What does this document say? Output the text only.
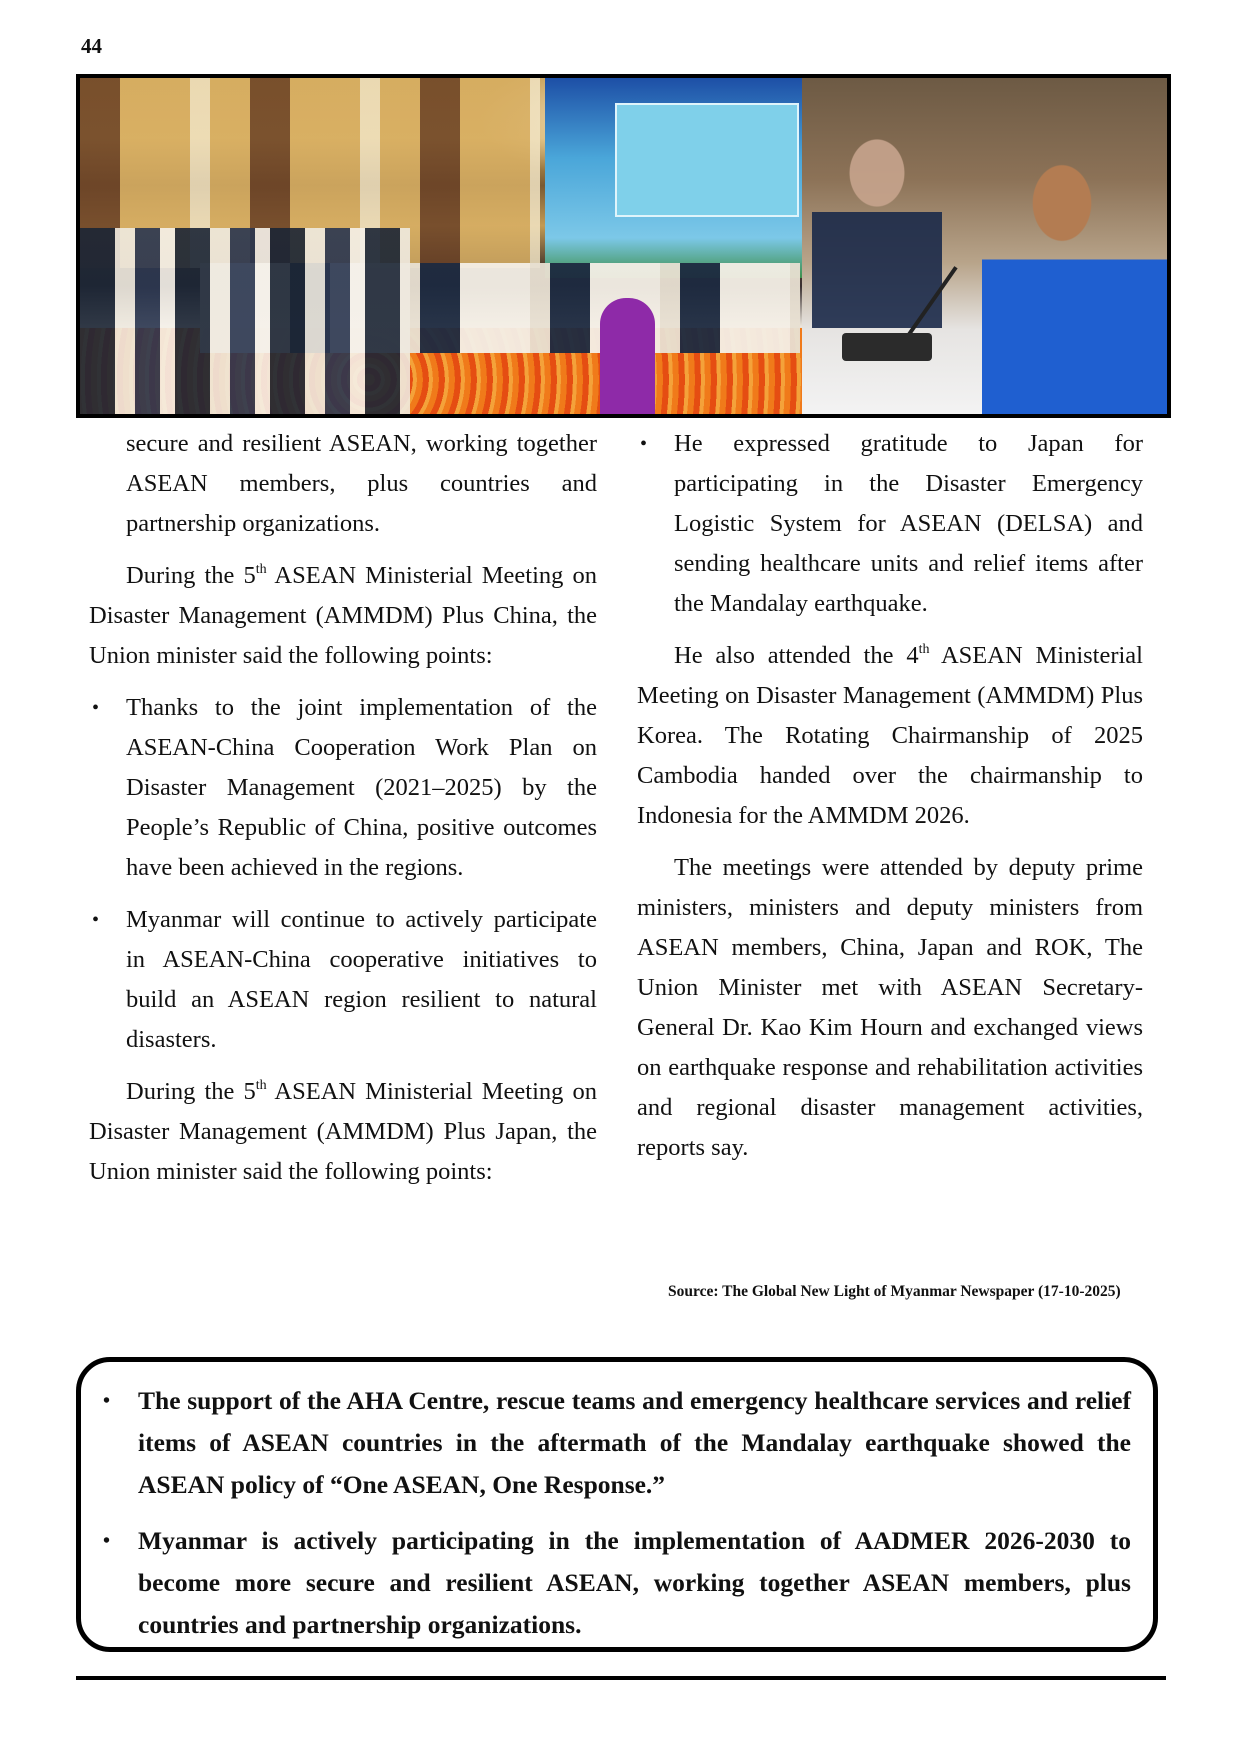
44

secure and resilient ASEAN, working together ASEAN members, plus countries and partnership organizations.

During the 5th ASEAN Ministerial Meeting on Disaster Management (AMMDM) Plus China, the Union minister said the following points:

• Thanks to the joint implementation of the ASEAN-China Cooperation Work Plan on Disaster Management (2021–2025) by the People’s Republic of China, positive outcomes have been achieved in the regions.
• Myanmar will continue to actively participate in ASEAN-China cooperative initiatives to build an ASEAN region resilient to natural disasters.

During the 5th ASEAN Ministerial Meeting on Disaster Management (AMMDM) Plus Japan, the Union minister said the following points:

• He expressed gratitude to Japan for participating in the Disaster Emergency Logistic System for ASEAN (DELSA) and sending healthcare units and relief items after the Mandalay earthquake.

He also attended the 4th ASEAN Ministerial Meeting on Disaster Management (AMMDM) Plus Korea. The Rotating Chairmanship of 2025 Cambodia handed over the chairmanship to Indonesia for the AMMDM 2026.

The meetings were attended by deputy prime ministers, ministers and deputy ministers from ASEAN members, China, Japan and ROK, The Union Minister met with ASEAN Secretary-General Dr. Kao Kim Hourn and exchanged views on earthquake response and rehabilitation activities and regional disaster management activities, reports say.

Source: The Global New Light of Myanmar Newspaper (17-10-2025)
• The support of the AHA Centre, rescue teams and emergency healthcare services and relief items of ASEAN countries in the aftermath of the Mandalay earthquake showed the ASEAN policy of “One ASEAN, One Response.”
• Myanmar is actively participating in the implementation of AADMER 2026-2030 to become more secure and resilient ASEAN, working together ASEAN members, plus countries and partnership organizations.
